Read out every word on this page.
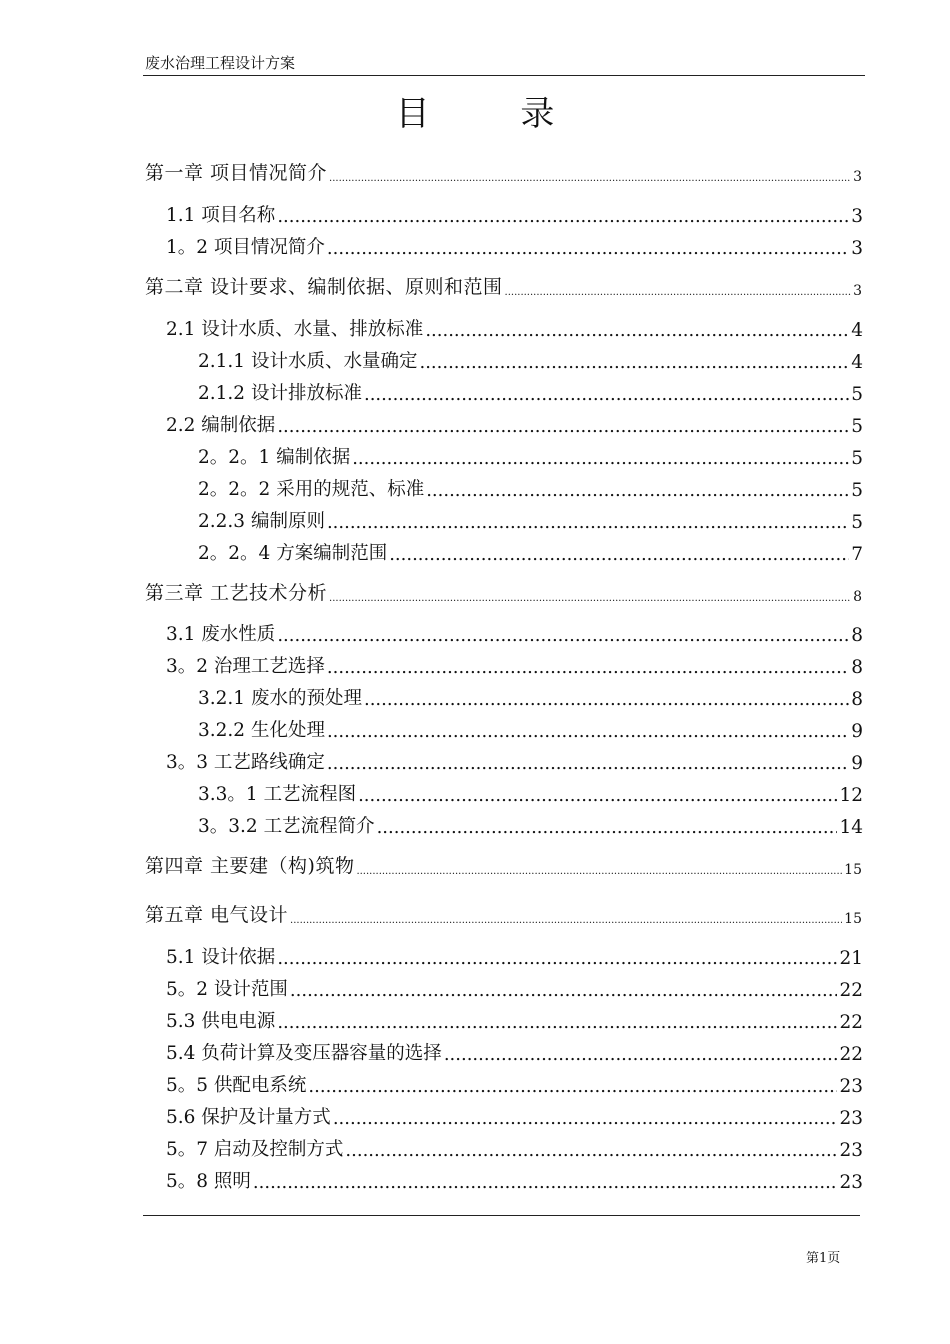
废水治理工程设计方案
目 录
第一章 项目情况简介 .....	3
1.1 项目名称 .....	3
1。2 项目情况简介 .....	3
第二章 设计要求、编制依据、原则和范围 .....	3
2.1 设计水质、水量、排放标准 .....	4
2.1.1 设计水质、水量确定 .....	4
2.1.2 设计排放标准 .....	5
2.2 编制依据 .....	5
2。2。1 编制依据 .....	5
2。2。2 采用的规范、标准 .....	5
2.2.3 编制原则 .....	5
2。2。4 方案编制范围 .....	7
第三章 工艺技术分析 .....	8
3.1 废水性质 .....	8
3。2 治理工艺选择 .....	8
3.2.1 废水的预处理 .....	8
3.2.2 生化处理 .....	9
3。3 工艺路线确定 .....	9
3.3。1 工艺流程图 .....	12
3。3.2 工艺流程简介 .....	14
第四章 主要建（构)筑物 .....	15
第五章 电气设计 .....	15
5.1 设计依据 .....	21
5。2 设计范围 .....	22
5.3 供电电源 .....	22
5.4 负荷计算及变压器容量的选择 .....	22
5。5 供配电系统 .....	23
5.6 保护及计量方式 .....	23
5。7 启动及控制方式 .....	23
5。8 照明 .....	23
第1页
